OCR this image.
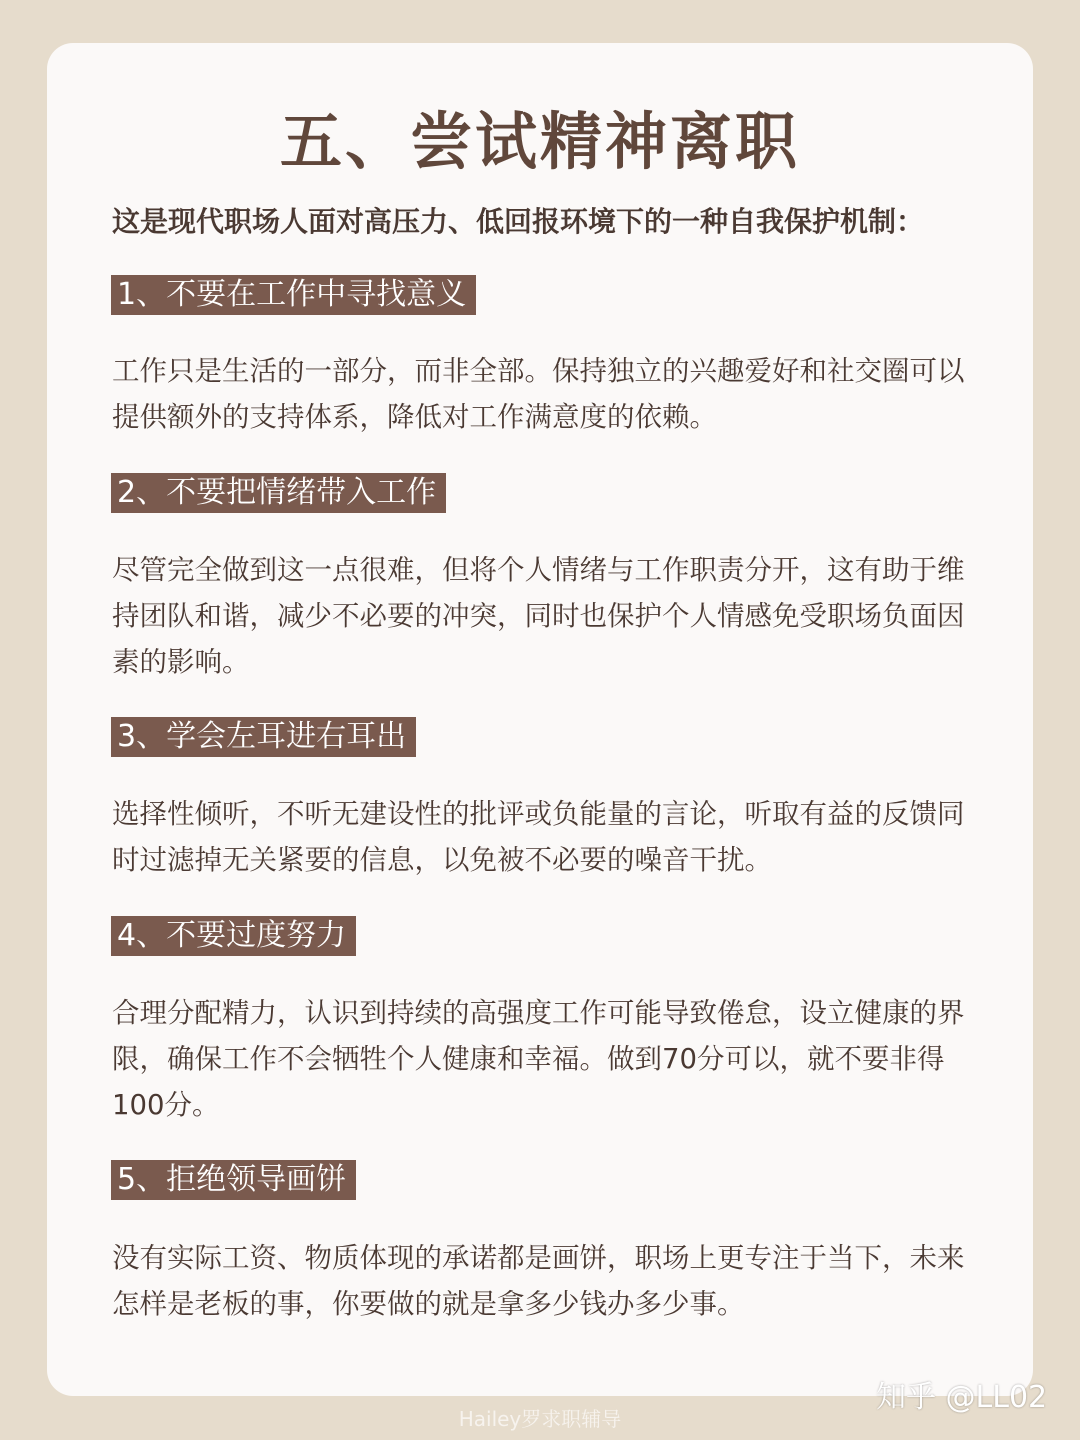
五、尝试精神离职
这是现代职场人面对高压力、低回报环境下的一种自我保护机制：
1、不要在工作中寻找意义
工作只是生活的一部分，而非全部。保持独立的兴趣爱好和社交圈可以提供额外的支持体系，降低对工作满意度的依赖。
2、不要把情绪带入工作
尽管完全做到这一点很难，但将个人情绪与工作职责分开，这有助于维持团队和谐，减少不必要的冲突，同时也保护个人情感免受职场负面因素的影响。
3、学会左耳进右耳出
选择性倾听，不听无建设性的批评或负能量的言论，听取有益的反馈同时过滤掉无关紧要的信息，以免被不必要的噪音干扰。
4、不要过度努力
合理分配精力，认识到持续的高强度工作可能导致倦怠，设立健康的界限，确保工作不会牺牲个人健康和幸福。做到70分可以，就不要非得100分。
5、拒绝领导画饼
没有实际工资、物质体现的承诺都是画饼，职场上更专注于当下，未来怎样是老板的事，你要做的就是拿多少钱办多少事。
Hailey罗求职辅导
知乎 @LL02
